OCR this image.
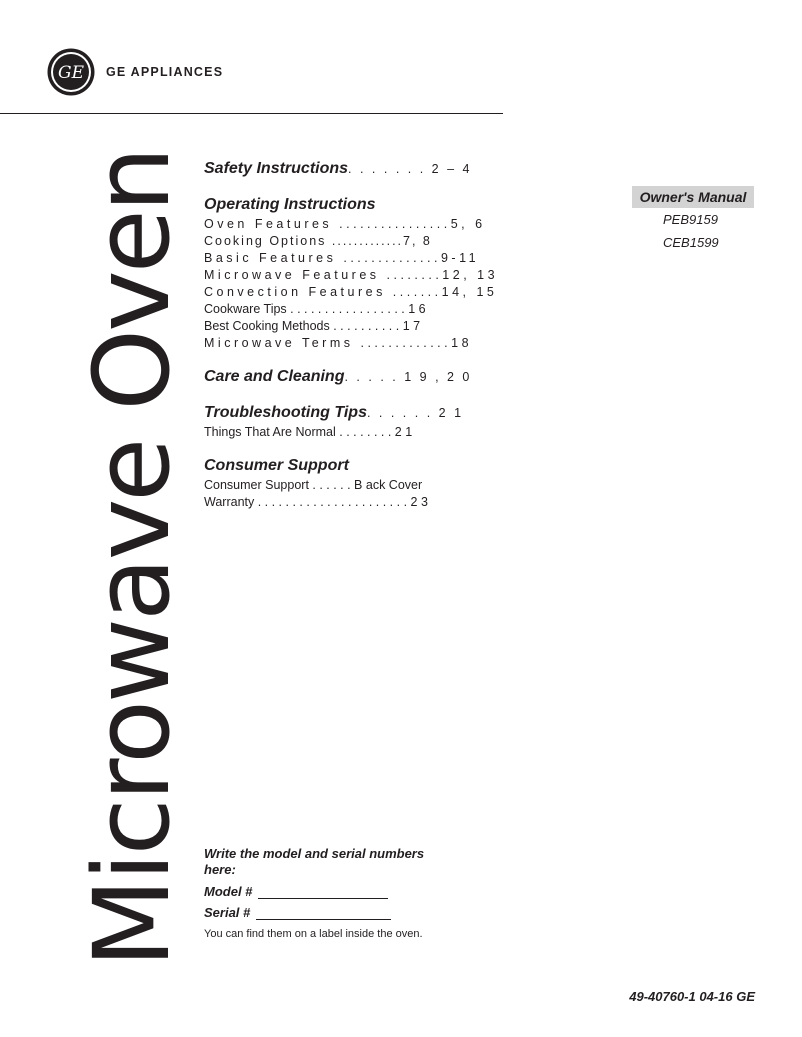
GE GE APPLIANCES
Microwave Oven Safety Instructions. . . . . . . 2 – 4
Operating Instructions
Oven Features ................5, 6
Cooking Options .............7, 8
Basic Features ..............9-11
Microwave Features ........12, 13
Convection Features .......14, 15
Cookware Tips . . . . . . . . . . . . . . . . . 1 6
Best Cooking Methods . . . . . . . . . . 1 7
Microwave Terms .............18
Care and Cleaning. . . . . 1 9 , 2 0
Troubleshooting Tips. . . . . . 2 1
Things That Are Normal . . . . . . . . 2 1
Consumer Support
Consumer Support . . . . . . B ack Cover
Warranty . . . . . . . . . . . . . . . . . . . . . . 2 3
Owner's Manual
PEB9159
CEB1599
Write the model and serial numbers here:
Model #
Serial #
You can find them on a label inside the oven.
49-40760-1 04-16 GE
